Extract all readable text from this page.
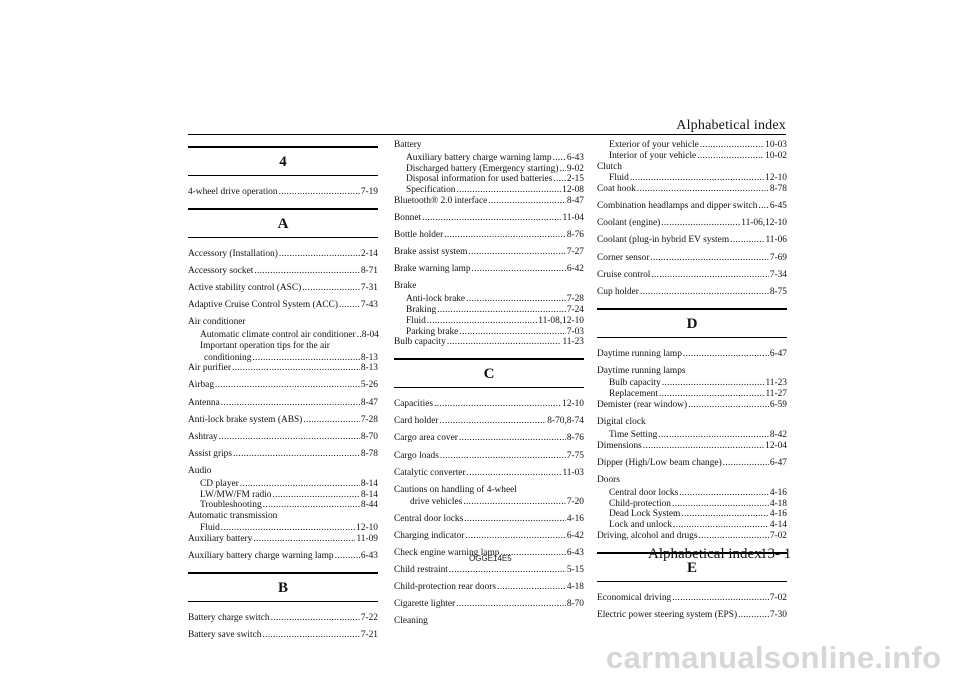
Alphabetical index
4
4-wheel drive operation .....	7-19
A
Accessory (Installation) .....	2-14
Accessory socket .....	8-71
Active stability control (ASC) .....	7-31
Adaptive Cruise Control System (ACC) ..... 7-43
Air conditioner
Automatic climate control air conditioner ..... 8-04
Important operation tips for the air
conditioning .....	8-13
Air purifier .....	8-13
Airbag .....	5-26
Antenna .....	8-47
Anti-lock brake system (ABS) .....	7-28
Ashtray .....	8-70
Assist grips .....	8-78
Audio
CD player .....	8-14
LW/MW/FM radio .....	8-14
Troubleshooting .....	8-44
Automatic transmission
Fluid .....	12-10
Auxiliary battery .....	11-09
Auxiliary battery charge warning lamp .....	6-43
B
Battery charge switch .....	7-22
Battery save switch .....	7-21
Battery
Auxiliary battery charge warning lamp ..... 6-43
Discharged battery (Emergency starting) ..... 9-02
Disposal information for used batteries ..... 2-15
Specification .....	12-08
Bluetooth® 2.0 interface .....	8-47
Bonnet .....	11-04
Bottle holder .....	8-76
Brake assist system .....	7-27
Brake warning lamp .....	6-42
Brake
Anti-lock brake .....	7-28
Braking .....	7-24
Fluid .....	11-08,12-10
Parking brake .....	7-03
Bulb capacity .....	11-23
C
Capacities .....	12-10
Card holder .....	8-70,8-74
Cargo area cover .....	8-76
Cargo loads .....	7-75
Catalytic converter .....	11-03
Cautions on handling of 4-wheel
drive vehicles .....	7-20
Central door locks .....	4-16
Charging indicator .....	6-42
Check engine warning lamp .....	6-43
Child restraint .....	5-15
Child-protection rear doors .....	4-18
Cigarette lighter .....	8-70
Cleaning
Exterior of your vehicle .....	10-03
Interior of your vehicle .....	10-02
Clutch
Fluid .....	12-10
Coat hook .....	8-78
Combination headlamps and dipper switch ..... 6-45
Coolant (engine) .....	11-06,12-10
Coolant (plug-in hybrid EV system .....	11-06
Corner sensor .....	7-69
Cruise control .....	7-34
Cup holder .....	8-75
D
Daytime running lamp .....	6-47
Daytime running lamps
Bulb capacity .....	11-23
Replacement .....	11-27
Demister (rear window) .....	6-59
Digital clock
Time Setting .....	8-42
Dimensions .....	12-04
Dipper (High/Low beam change) .....	6-47
Doors
Central door locks .....	4-16
Child-protection .....	4-18
Dead Lock System .....	4-16
Lock and unlock .....	4-14
Driving, alcohol and drugs .....	7-02
E
Economical driving .....	7-02
Electric power steering system (EPS) .....	7-30
OGGE14E5	Alphabetical index
13- 1
carmanualsonline.info
